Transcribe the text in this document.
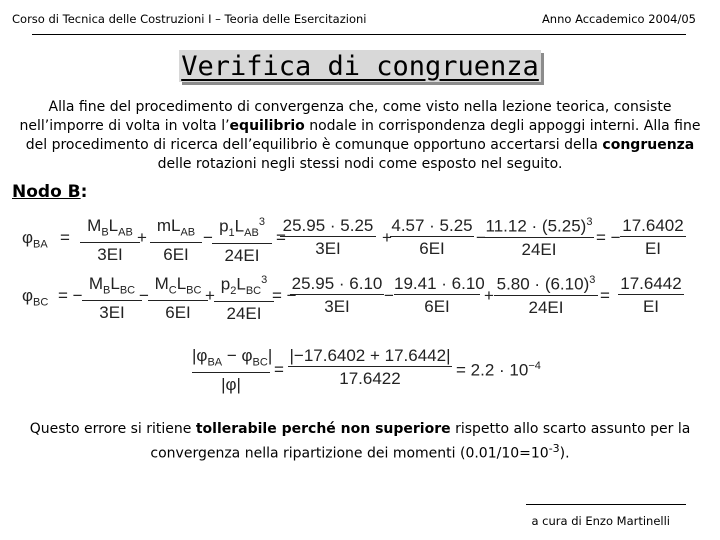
Corso di Tecnica delle Costruzioni I – Teoria delle Esercitazioni	Anno Accademico 2004/05
Verifica di congruenza
Alla fine del procedimento di convergenza che, come visto nella lezione teorica, consiste nell’imporre di volta in volta l’equilibrio nodale in corrispondenza degli appoggi interni. Alla fine del procedimento di ricerca dell’equilibrio è comunque opportuno accertarsi della congruenza delle rotazioni negli stessi nodi come esposto nel seguito.
Nodo B:
$\varphi_{BA}$ =
$M_BL_{AB}$
3EI
+
$mL_{AB}$
6EI
−
$p_1L_{AB}^3$
24EI
=
$\frac{25.95 \cdot 5.25}{3EI}$ +
$\frac{4.57 \cdot 5.25}{6EI}$ −
$\frac{11.12 \cdot (5.25)^3}{24EI}$ = − $\frac{17.6402}{EI}$
$\varphi_{BC}$ = −
$M_BL_{BC}$
3EI
−
$M_CL_{BC}$
6EI
+
$p_2L_{BC}^3$
24EI
= −
$\frac{25.95 \cdot 6.10}{3EI} - \frac{19.41 \cdot 6.10}{6EI} + \frac{5.80 \cdot (6.10)^3}{24EI} = \frac{17.6442}{EI}$
$|\varphi_{BA} - \varphi_{BC}|$
|φ|
= $\frac{|-17.6402 + 17.6442|}{17.6422} = 2.2 \cdot 10^{-4}$
Questo errore si ritiene tollerabile perché non superiore rispetto allo scarto assunto per la convergenza nella ripartizione dei momenti $(0.01/10=10^{-3})$.
a cura di Enzo Martinelli
